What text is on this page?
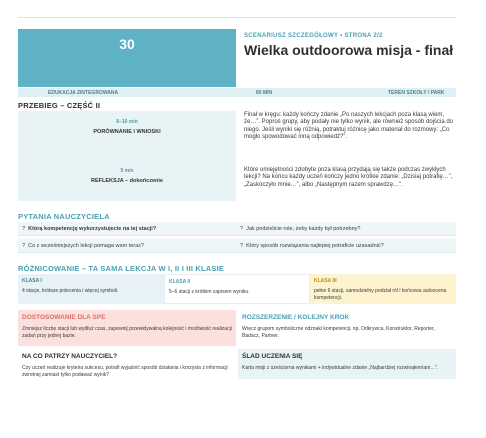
30	SCENARIUSZ SZCZEGÓŁOWY • STRONA 2/2
Wielka outdoorowa misja - finał
EDUKACJA ZINTEGROWANA	60 MIN	TEREN SZKOŁY / PARK
PRZEBIEG – CZĘŚĆ II
8–10 min
PORÓWNANIE I WNIOSKI
5 min
REFLEKSJA – dokończenie
Finał w kręgu: każdy kończy zdanie „Po naszych lekcjach poza klasą wiem, że…”. Poproś grupy, aby podały nie tylko wynik, ale również sposób dojścia do niego. Jeśli wyniki się różnią, potraktuj różnicę jako materiał do rozmowy: „Co mogło spowodować inną odpowiedź?”.
Które umiejętności zdobyte poza klasą przydają się także podczas zwykłych lekcji? Na końcu każdy uczeń kończy jedno krótkie zdanie: „Dzisiaj potrafię…”, „Zaskoczyło mnie…”, albo „Następnym razem sprawdzę…”.
PYTANIA NAUCZYCIELA
? Którą kompetencję wykorzystujecie na tej stacji?	? Jak podzielicie role, żeby każdy był potrzebny?
? Co z wcześniejszych lekcji pomaga wam teraz?	? Który sposób rozwiązania najlepiej potraficie uzasadnić?
RÓŻNICOWANIE – TA SAMA LEKCJA W I, II I III KLASIE
KLASA I
4 stacje, krótsze polecenia i więcej symboli.
KLASA II
5–6 stacji z krótkim zapisem wyniku.
KLASA III
pełne 6 stacji, samodzielny podział ról i końcowa autoocena kompetencji.
DOSTOSOWANIE DLA SPE
Zmniejsz liczbę stacji lub wydłuż czas, zapewnij przewidywalną kolejność i możliwość realizacji zadań przy jednej bazie.
ROZSZERZENIE / KOLEJNY KROK
Wręcz grupom symboliczne odznaki kompetencji, np. Odkrywca, Konstruktor, Reporter, Badacz, Partner.
NA CO PATRZY NAUCZYCIEL?
Czy uczeń realizuje kryteria sukcesu, potrafi wyjaśnić sposób działania i korzysta z informacji zwrotnej zamiast tylko podawać wynik?
ŚLAD UCZENIA SIĘ
Karta misji z sześciorna wynikami + indywidualne zdanie „Najbardziej rozwinąłem/am…”.
